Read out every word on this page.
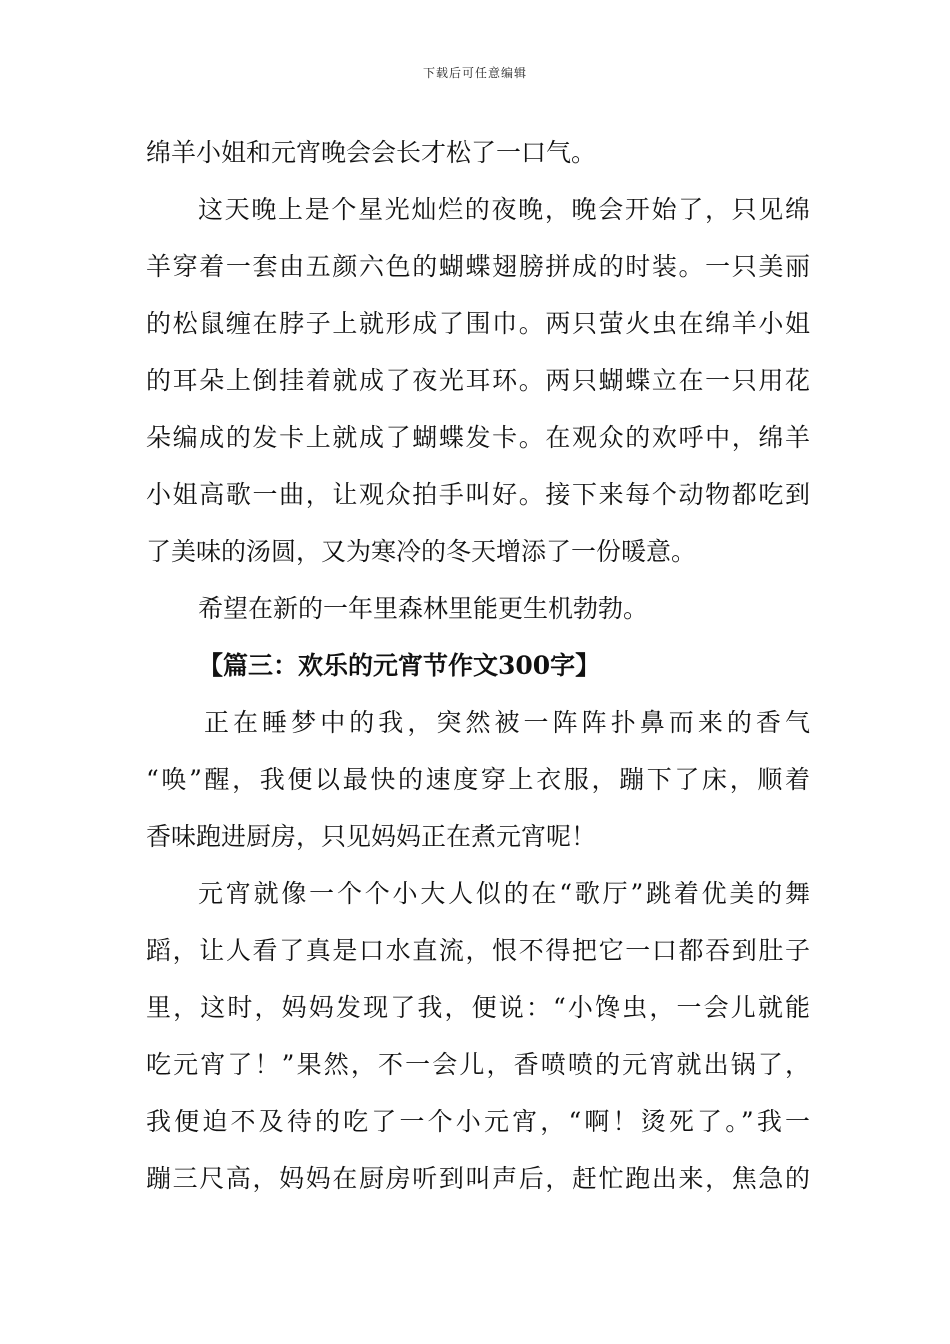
下载后可任意编辑
绵羊小姐和元宵晚会会长才松了一口气。
这天晚上是个星光灿烂的夜晚，晚会开始了，只见绵
羊穿着一套由五颜六色的蝴蝶翅膀拼成的时装。一只美丽
的松鼠缠在脖子上就形成了围巾。两只萤火虫在绵羊小姐
的耳朵上倒挂着就成了夜光耳环。两只蝴蝶立在一只用花
朵编成的发卡上就成了蝴蝶发卡。在观众的欢呼中，绵羊
小姐高歌一曲，让观众拍手叫好。接下来每个动物都吃到
了美味的汤圆，又为寒冷的冬天增添了一份暖意。
希望在新的一年里森林里能更生机勃勃。
【篇三：欢乐的元宵节作文300字】
正在睡梦中的我，突然被一阵阵扑鼻而来的香气
“唤”醒，我便以最快的速度穿上衣服，蹦下了床，顺着
香味跑进厨房，只见妈妈正在煮元宵呢！
元宵就像一个个小大人似的在“歌厅”跳着优美的舞
蹈，让人看了真是口水直流，恨不得把它一口都吞到肚子
里，这时，妈妈发现了我，便说：“小馋虫，一会儿就能
吃元宵了！”果然，不一会儿，香喷喷的元宵就出锅了，
我便迫不及待的吃了一个小元宵，“啊！烫死了。”我一
蹦三尺高，妈妈在厨房听到叫声后，赶忙跑出来，焦急的
